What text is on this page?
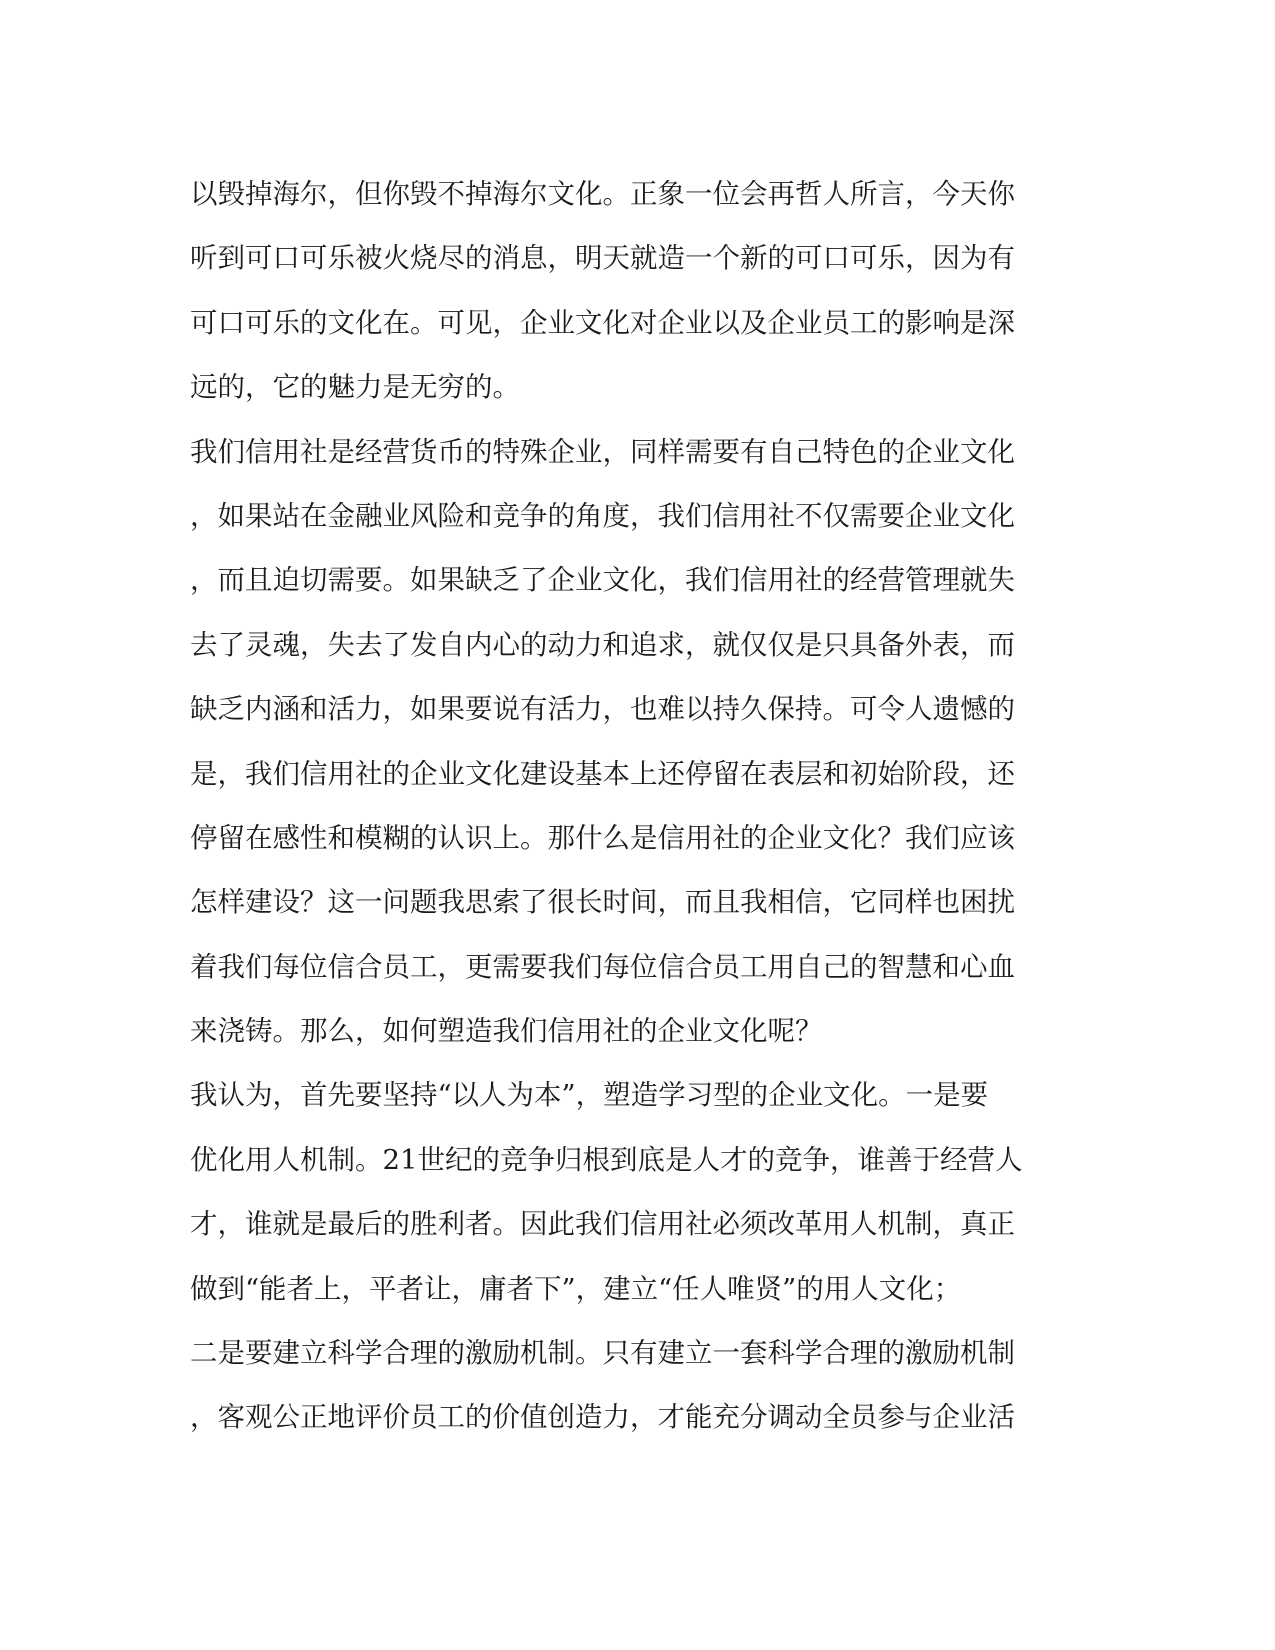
以毁掉海尔，但你毁不掉海尔文化。正象一位会再哲人所言，今天你
听到可口可乐被火烧尽的消息，明天就造一个新的可口可乐，因为有
可口可乐的文化在。可见，企业文化对企业以及企业员工的影响是深
远的，它的魅力是无穷的。
我们信用社是经营货币的特殊企业，同样需要有自己特色的企业文化
，如果站在金融业风险和竞争的角度，我们信用社不仅需要企业文化
，而且迫切需要。如果缺乏了企业文化，我们信用社的经营管理就失
去了灵魂，失去了发自内心的动力和追求，就仅仅是只具备外表，而
缺乏内涵和活力，如果要说有活力，也难以持久保持。可令人遗憾的
是，我们信用社的企业文化建设基本上还停留在表层和初始阶段，还
停留在感性和模糊的认识上。那什么是信用社的企业文化？我们应该
怎样建设？这一问题我思索了很长时间，而且我相信，它同样也困扰
着我们每位信合员工，更需要我们每位信合员工用自己的智慧和心血
来浇铸。那么，如何塑造我们信用社的企业文化呢？
我认为，首先要坚持“以人为本”，塑造学习型的企业文化。一是要
优化用人机制。21世纪的竞争归根到底是人才的竞争，谁善于经营人
才，谁就是最后的胜利者。因此我们信用社必须改革用人机制，真正
做到“能者上，平者让，庸者下”，建立“任人唯贤”的用人文化；
二是要建立科学合理的激励机制。只有建立一套科学合理的激励机制
，客观公正地评价员工的价值创造力，才能充分调动全员参与企业活
